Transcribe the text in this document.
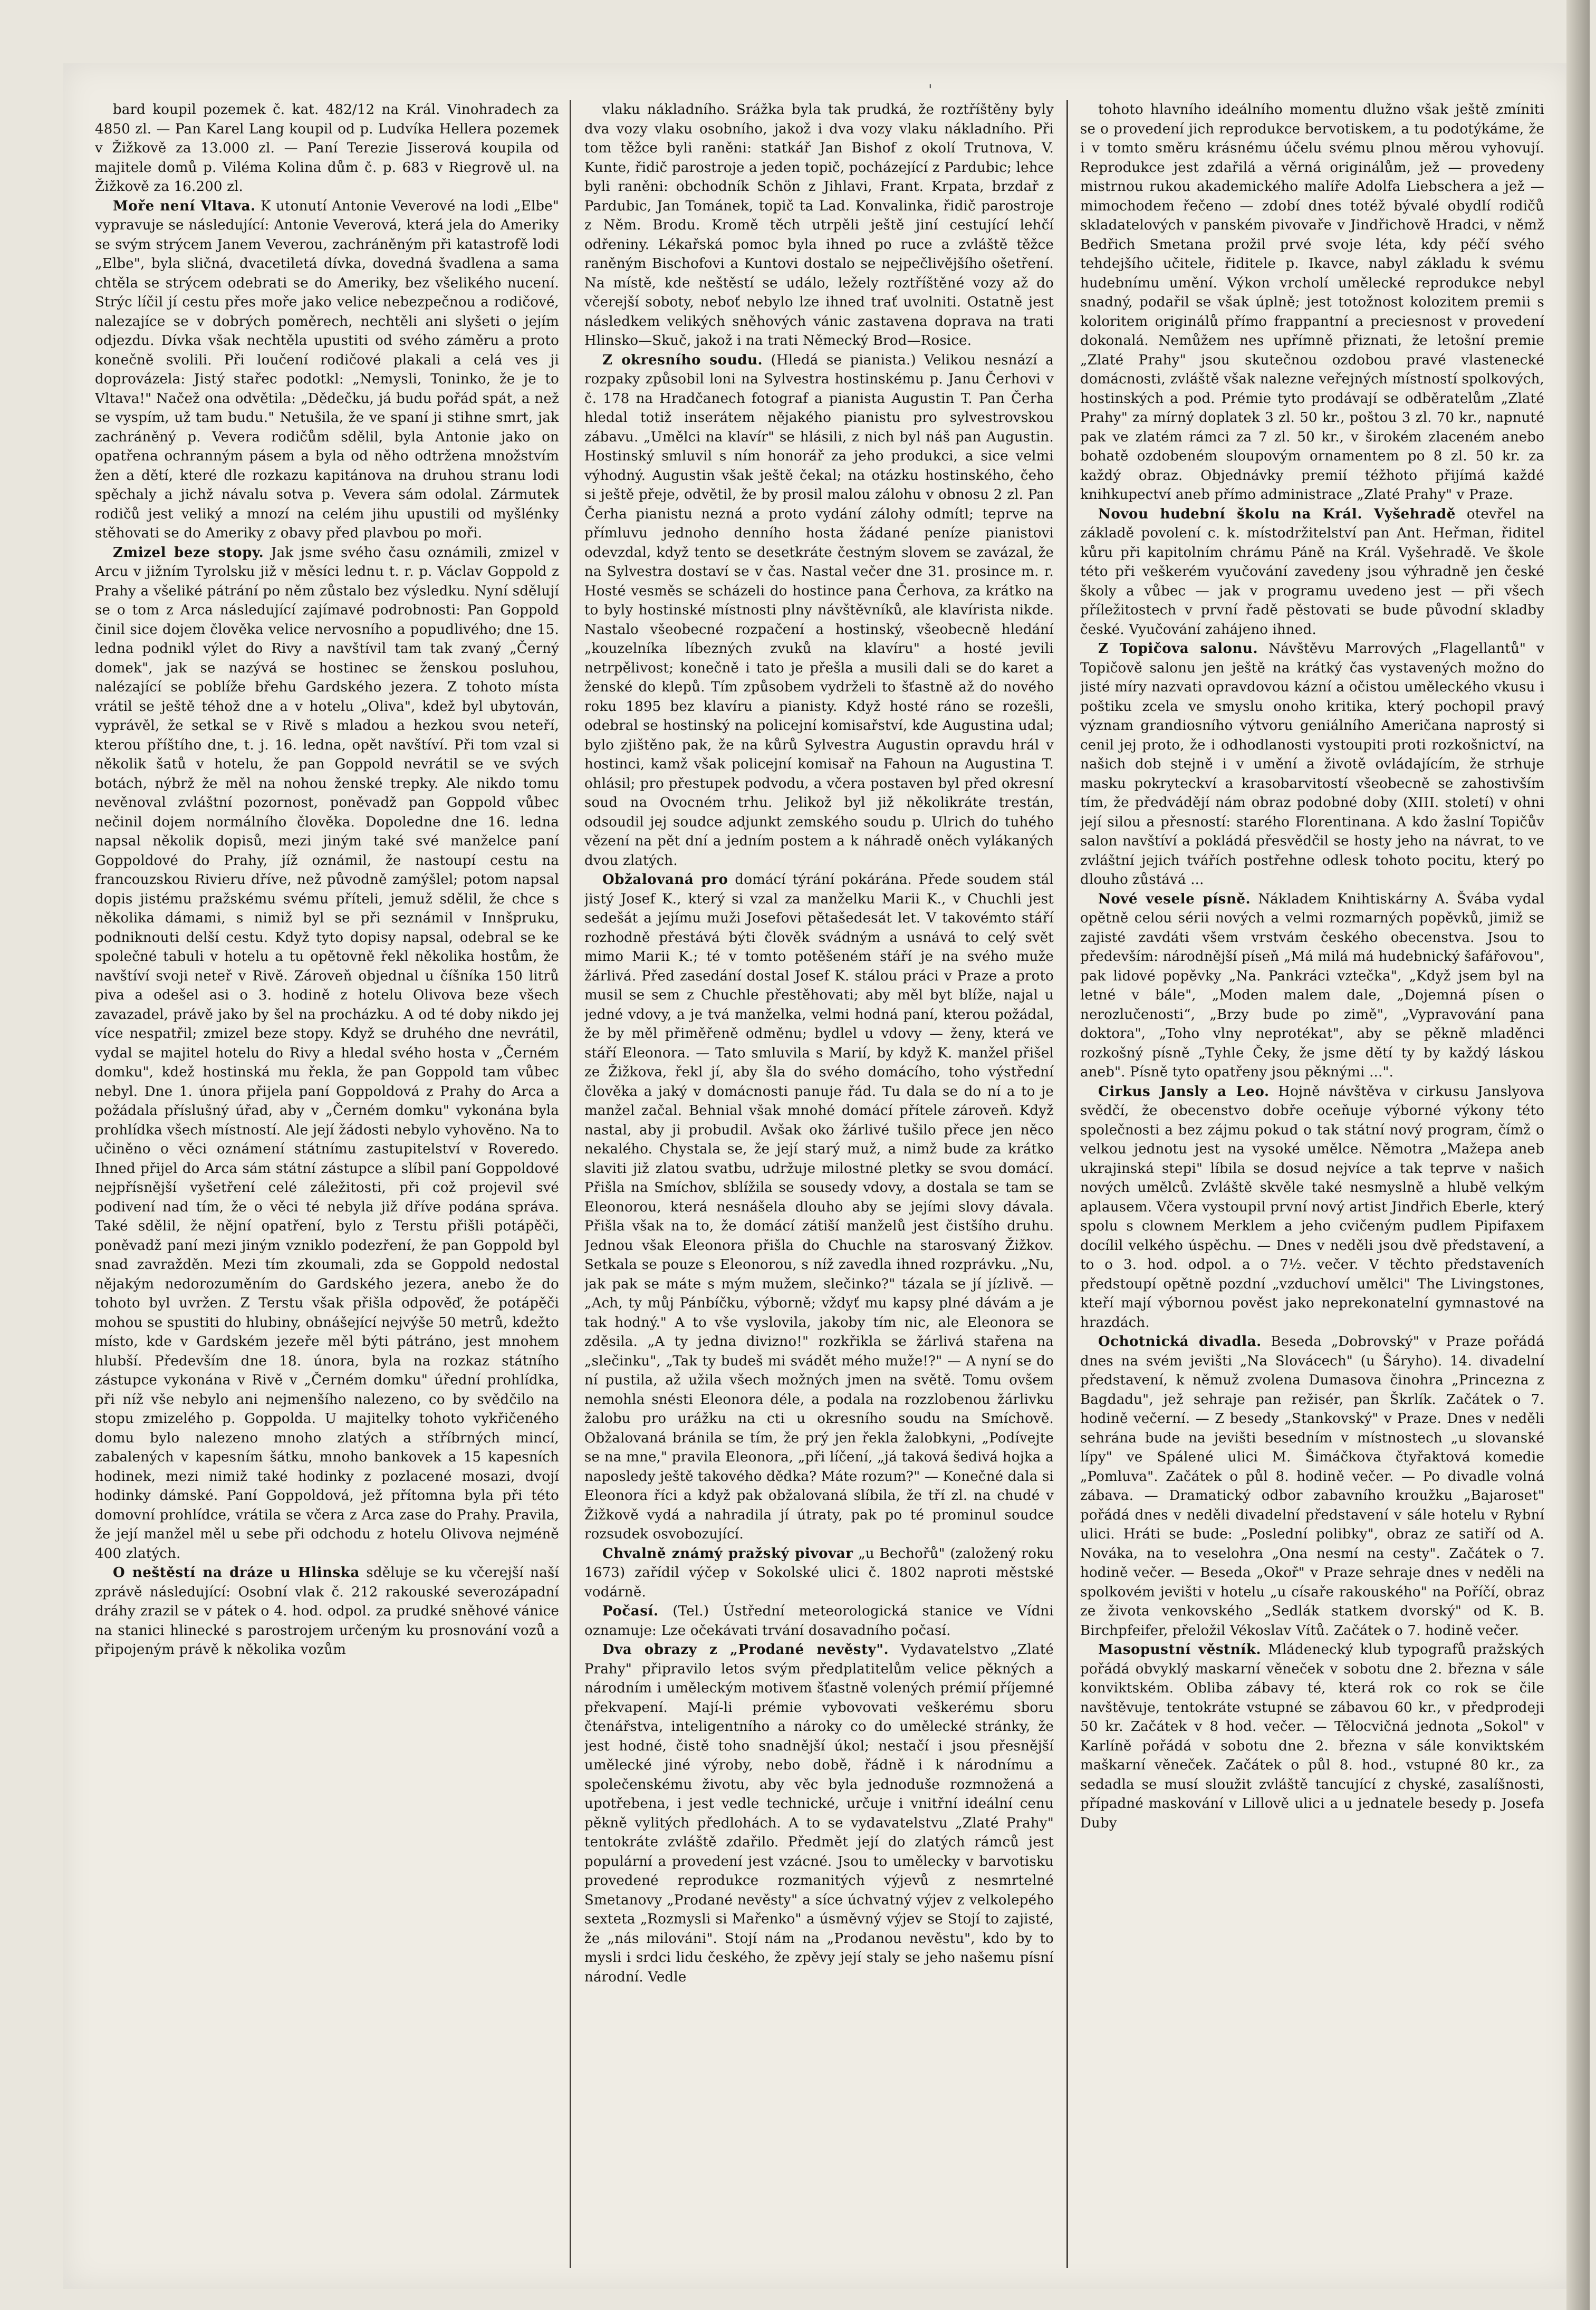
'

bard koupil pozemek č. kat. 482/12 na Král. Vinohradech za 4850 zl. — Pan Karel Lang koupil od p. Ludvíka Hellera pozemek v Žižkově za 13.000 zl. — Paní Terezie Jisserová koupila od majitele domů p. Viléma Kolina dům č. p. 683 v Riegrově ul. na Žižkově za 16.200 zl.

Moře není Vltava. K utonutí Antonie Veverové na lodi „Elbe" vypravuje se následující: Antonie Veverová, která jela do Ameriky se svým strýcem Janem Veverou, zachráněným při katastrofě lodi „Elbe", byla sličná, dvacetiletá dívka, dovedná švadlena a sama chtěla se strýcem odebrati se do Ameriky, bez všelikého nucení. Strýc líčil jí cestu přes moře jako velice nebezpečnou a rodičové, nalezajíce se v dobrých poměrech, nechtěli ani slyšeti o jejím odjezdu. Dívka však nechtěla upustiti od svého záměru a proto konečně svolili. Při loučení rodičové plakali a celá ves ji doprovázela: Jistý stařec podotkl: „Nemysli, Toninko, že je to Vltava!" Načež ona odvětila: „Dědečku, já budu pořád spát, a než se vyspím, už tam budu." Netušila, že ve spaní ji stihne smrt, jak zachráněný p. Vevera rodičům sdělil, byla Antonie jako on opatřena ochranným pásem a byla od něho odtržena množstvím žen a dětí, které dle rozkazu kapitánova na druhou stranu lodi spěchaly a jichž návalu sotva p. Vevera sám odolal. Zármutek rodičů jest veliký a mnozí na celém jihu upustili od myšlénky stěhovati se do Ameriky z obavy před plavbou po moři.

Zmizel beze stopy. Jak jsme svého času oznámili, zmizel v Arcu v jižním Tyrolsku již v měsíci lednu t. r. p. Václav Goppold z Prahy a všeliké pátrání po něm zůstalo bez výsledku. Nyní sdělují se o tom z Arca následující zajímavé podrobnosti: Pan Goppold činil sice dojem člověka velice nervosního a popudlivého; dne 15. ledna podnikl výlet do Rivy a navštívil tam tak zvaný „Černý domek", jak se nazývá se hostinec se ženskou posluhou, nalézající se poblíže břehu Gardského jezera. Z tohoto místa vrátil se ještě téhož dne a v hotelu „Oliva", kdež byl ubytován, vyprávěl, že setkal se v Rivě s mladou a hezkou svou neteří, kterou příštího dne, t. j. 16. ledna, opět navštíví. Při tom vzal si několik šatů v hotelu, že pan Goppold nevrátil se ve svých botách, nýbrž že měl na nohou ženské trepky. Ale nikdo tomu nevěnoval zvláštní pozornost, poněvadž pan Goppold vůbec nečinil dojem normálního člověka. Dopoledne dne 16. ledna napsal několik dopisů, mezi jiným také své manželce paní Goppoldové do Prahy, jíž oznámil, že nastoupí cestu na francouzskou Rivieru dříve, než původně zamýšlel; potom napsal dopis jistému pražskému svému příteli, jemuž sdělil, že chce s několika dámami, s nimiž byl se při seznámil v Innšpruku, podniknouti delší cestu. Když tyto dopisy napsal, odebral se ke společné tabuli v hotelu a tu opětovně řekl několika hostům, že navštíví svoji neteř v Rivě. Zároveň objednal u číšníka 150 litrů piva a odešel asi o 3. hodině z hotelu Olivova beze všech zavazadel, právě jako by šel na procházku. A od té doby nikdo jej více nespatřil; zmizel beze stopy. Když se druhého dne nevrátil, vydal se majitel hotelu do Rivy a hledal svého hosta v „Černém domku", kdež hostinská mu řekla, že pan Goppold tam vůbec nebyl. Dne 1. února přijela paní Goppoldová z Prahy do Arca a požádala příslušný úřad, aby v „Černém domku" vykonána byla prohlídka všech místností. Ale její žádosti nebylo vyhověno. Na to učiněno o věci oznámení státnímu zastupitelství v Roveredo. Ihned přijel do Arca sám státní zástupce a slíbil paní Goppoldové nejpřísnější vyšetření celé záležitosti, při což projevil své podivení nad tím, že o věci té nebyla již dříve podána správa. Také sdělil, že nějní opatření, bylo z Terstu přišli potápěči, poněvadž paní mezi jiným vzniklo podezření, že pan Goppold byl snad zavražděn. Mezi tím zkoumali, zda se Goppold nedostal nějakým nedorozuměním do Gardského jezera, anebo že do tohoto byl uvržen. Z Terstu však přišla odpověď, že potápěči mohou se spustiti do hlubiny, obnášející nejvýše 50 metrů, kdežto místo, kde v Gardském jezeře měl býti pátráno, jest mnohem hlubší. Především dne 18. února, byla na rozkaz státního zástupce vykonána v Rivě v „Černém domku" úřední prohlídka, při níž vše nebylo ani nejmenšího nalezeno, co by svědčilo na stopu zmizelého p. Goppolda. U majitelky tohoto vykřičeného domu bylo nalezeno mnoho zlatých a stříbrných mincí, zabalených v kapesním šátku, mnoho bankovek a 15 kapesních hodinek, mezi nimiž také hodinky z pozlacené mosazi, dvojí hodinky dámské. Paní Goppoldová, jež přítomna byla při této domovní prohlídce, vrátila se včera z Arca zase do Prahy. Pravila, že její manžel měl u sebe při odchodu z hotelu Olivova nejméně 400 zlatých.

O neštěstí na dráze u Hlinska sděluje se ku včerejší naší zprávě následující: Osobní vlak č. 212 rakouské severozápadní dráhy zrazil se v pátek o 4. hod. odpol. za prudké sněhové vánice na stanici hlinecké s parostrojem určeným ku prosnování vozů a připojeným právě k několika vozům

vlaku nákladního. Srážka byla tak prudká, že roztříštěny byly dva vozy vlaku osobního, jakož i dva vozy vlaku nákladního. Při tom těžce byli raněni: statkář Jan Bishof z okolí Trutnova, V. Kunte, řidič parostroje a jeden topič, pocházející z Pardubic; lehce byli raněni: obchodník Schön z Jihlavi, Frant. Krpata, brzdař z Pardubic, Jan Tománek, topič ta Lad. Konvalinka, řidič parostroje z Něm. Brodu. Kromě těch utrpěli ještě jiní cestující lehčí odřeniny. Lékařská pomoc byla ihned po ruce a zvláště těžce raněným Bischofovi a Kuntovi dostalo se nejpečlivějšího ošetření. Na místě, kde neštěstí se událo, ležely roztříštěné vozy až do včerejší soboty, neboť nebylo lze ihned trať uvolniti. Ostatně jest následkem velikých sněhových vánic zastavena doprava na trati Hlinsko—Skuč, jakož i na trati Německý Brod—Rosice.

Z okresního soudu. (Hledá se pianista.) Velikou nesnází a rozpaky způsobil loni na Sylvestra hostinskému p. Janu Čerhovi v č. 178 na Hradčanech fotograf a pianista Augustin T. Pan Čerha hledal totiž inserátem nějakého pianistu pro sylvestrovskou zábavu. „Umělci na klavír" se hlásili, z nich byl náš pan Augustin. Hostinský smluvil s ním honorář za jeho produkci, a sice velmi výhodný. Augustin však ještě čekal; na otázku hostinského, čeho si ještě přeje, odvětil, že by prosil malou zálohu v obnosu 2 zl. Pan Čerha pianistu nezná a proto vydání zálohy odmítl; teprve na přímluvu jednoho denního hosta žádané peníze pianistovi odevzdal, když tento se desetkráte čestným slovem se zavázal, že na Sylvestra dostaví se v čas. Nastal večer dne 31. prosince m. r. Hosté vesměs se scházeli do hostince pana Čerhova, za krátko na to byly hostinské místnosti plny návštěvníků, ale klavírista nikde. Nastalo všeobecné rozpačení a hostinský, všeobecně hledání „kouzelníka líbezných zvuků na klavíru" a hosté jevili netrpělivost; konečně i tato je přešla a musili dali se do karet a ženské do klepů. Tím způsobem vydrželi to šťastně až do nového roku 1895 bez klavíru a pianisty. Když hosté ráno se rozešli, odebral se hostinský na policejní komisařství, kde Augustina udal; bylo zjištěno pak, že na kůrů Sylvestra Augustin opravdu hrál v hostinci, kamž však policejní komisař na Fahoun na Augustina T. ohlásil; pro přestupek podvodu, a včera postaven byl před okresní soud na Ovocném trhu. Jelikož byl již několikráte trestán, odsoudil jej soudce adjunkt zemského soudu p. Ulrich do tuhého vězení na pět dní a jedním postem a k náhradě oněch vylákaných dvou zlatých.

Obžalovaná pro domácí týrání pokárána. Přede soudem stál jistý Josef K., který si vzal za manželku Marii K., v Chuchli jest sedešát a jejímu muži Josefovi pětašedesát let. V takovémto stáří rozhodně přestává býti člověk svádným a usnává to celý svět mimo Marii K.; té v tomto potěšeném stáří je na svého muže žárlivá. Před zasedání dostal Josef K. stálou práci v Praze a proto musil se sem z Chuchle přestěhovati; aby měl byt blíže, najal u jedné vdovy, a je tvá manželka, velmi hodná paní, kterou požádal, že by měl přiměřeně odměnu; bydlel u vdovy — ženy, která ve stáří Eleonora. — Tato smluvila s Marií, by když K. manžel přišel ze Žižkova, řekl jí, aby šla do svého domácího, toho výstřední člověka a jaký v domácnosti panuje řád. Tu dala se do ní a to je manžel začal. Behnial však mnohé domácí přítele zároveň. Když nastal, aby ji probudil. Avšak oko žárlivé tušilo přece jen něco nekalého. Chystala se, že její starý muž, a nimž bude za krátko slaviti již zlatou svatbu, udržuje milostné pletky se svou domácí. Přišla na Smíchov, sblížila se sousedy vdovy, a dostala se tam se Eleonorou, která nesnášela dlouho aby se jejími slovy dávala. Přišla však na to, že domácí zátiší manželů jest čistšího druhu. Jednou však Eleonora přišla do Chuchle na starosvaný Žižkov. Setkala se pouze s Eleonorou, s níž zavedla ihned rozprávku. „Nu, jak pak se máte s mým mužem, slečinko?" tázala se jí jízlivě. — „Ach, ty můj Pánbíčku, výborně; vždyť mu kapsy plné dávám a je tak hodný." A to vše vyslovila, jakoby tím nic, ale Eleonora se zděsila. „A ty jedna divizno!" rozkřikla se žárlivá stařena na „slečinku", „Tak ty budeš mi svádět mého muže!?" — A nyní se do ní pustila, až užila všech možných jmen na světě. Tomu ovšem nemohla snésti Eleonora déle, a podala na rozzlobenou žárlivku žalobu pro urážku na cti u okresního soudu na Smíchově. Obžalovaná bránila se tím, že prý jen řekla žalobkyni, „Podívejte se na mne," pravila Eleonora, „při líčení, „já taková šedivá hojka a naposledy ještě takového dědka? Máte rozum?" — Konečné dala si Eleonora říci a když pak obžalovaná slíbila, že tří zl. na chudé v Žižkově vydá a nahradila jí útraty, pak po té prominul soudce rozsudek osvobozující.

Chvalně známý pražský pivovar „u Bechořů" (založený roku 1673) zařídil výčep v Sokolské ulici č. 1802 naproti městské vodárně.

Počasí. (Tel.) Ústřední meteorologická stanice ve Vídni oznamuje: Lze očekávati trvání dosavadního počasí.

Dva obrazy z „Prodané nevěsty". Vydavatelstvo „Zlaté Prahy" připravilo letos svým předplatitelům velice pěkných a národním i uměleckým motivem šťastně volených prémií příjemné překvapení. Mají-li prémie vybovovati veškerému sboru čtenářstva, inteligentního a nároky co do umělecké stránky, že jest hodné, čistě toho snadnější úkol; nestačí i jsou přesnější umělecké jiné výroby, nebo době, řádně i k národnímu a společenskému životu, aby věc byla jednoduše rozmnožená a upotřebena, i jest vedle technické, určuje i vnitřní ideální cenu pěkně vylitých předlohách. A to se vydavatelstvu „Zlaté Prahy" tentokráte zvláště zdařilo. Předmět její do zlatých rámců jest populární a provedení jest vzácné. Jsou to umělecky v barvotisku provedené reprodukce rozmanitých výjevů z nesmrtelné Smetanovy „Prodané nevěsty" a síce úchvatný výjev z velkolepého sexteta „Rozmysli si Mařenko" a úsměvný výjev se Stojí to zajisté, že „nás milováni". Stojí nám na „Prodanou nevěstu", kdo by to mysli i srdci lidu českého, že zpěvy její staly se jeho našemu písní národní. Vedle

tohoto hlavního ideálního momentu dlužno však ještě zmíniti se o provedení jich reprodukce bervotiskem, a tu podotýkáme, že i v tomto směru krásnému účelu svému plnou měrou vyhovují. Reprodukce jest zdařilá a věrná originálům, jež — provedeny mistrnou rukou akademického malíře Adolfa Liebschera a jež — mimochodem řečeno — zdobí dnes totéž bývalé obydlí rodičů skladatelových v panském pivovaře v Jindřichově Hradci, v němž Bedřich Smetana prožil prvé svoje léta, kdy péčí svého tehdejšího učitele, řiditele p. Ikavce, nabyl základu k svému hudebnímu umění. Výkon vrcholí umělecké reprodukce nebyl snadný, podařil se však úplně; jest totožnost kolozitem premii s koloritem originálů přímo frappantní a preciesnost v provedení dokonalá. Nemůžem nes upřímně přiznati, že letošní premie „Zlaté Prahy" jsou skutečnou ozdobou pravé vlastenecké domácnosti, zvláště však nalezne veřejných místností spolkových, hostinských a pod. Prémie tyto prodávají se odběratelům „Zlaté Prahy" za mírný doplatek 3 zl. 50 kr., poštou 3 zl. 70 kr., napnuté pak ve zlatém rámci za 7 zl. 50 kr., v širokém zlaceném anebo bohatě ozdobeném sloupovým ornamentem po 8 zl. 50 kr. za každý obraz. Objednávky premií téžhoto přijímá každé knihkupectví aneb přímo administrace „Zlaté Prahy" v Praze.

Novou hudební školu na Král. Vyšehradě otevřel na základě povolení c. k. místodržitelství pan Ant. Heřman, řiditel kůru při kapitolním chrámu Páně na Král. Vyšehradě. Ve škole této při veškerém vyučování zavedeny jsou výhradně jen české školy a vůbec — jak v programu uvedeno jest — při všech příležitostech v první řadě pěstovati se bude původní skladby české. Vyučování zahájeno ihned.

Z Topičova salonu. Návštěvu Marrových „Flagellantů" v Topičově salonu jen ještě na krátký čas vystavených možno do jisté míry nazvati opravdovou kázní a očistou uměleckého vkusu i poštiku zcela ve smyslu onoho kritika, který pochopil pravý význam grandiosního výtvoru geniálního Američana naprostý si cenil jej proto, že i odhodlanosti vystoupiti proti rozkošnictví, na našich dob stejně i v umění a životě ovládajícím, že strhuje masku pokryteckví a krasobarvitostí všeobecně se zahostivším tím, že předvádějí nám obraz podobné doby (XIII. století) v ohni její silou a přesností: starého Florentinana. A kdo žaslní Topičův salon navštíví a pokládá přesvědčil se hosty jeho na návrat, to ve zvláštní jejich tvářích postřehne odlesk tohoto pocitu, který po dlouho zůstává ...

Nové vesele písně. Nákladem Knihtiskárny A. Švába vydal opětně celou sérii nových a velmi rozmarných popěvků, jimiž se zajisté zavdáti všem vrstvám českého obecenstva. Jsou to především: národnější píseň „Má milá má hudebnický šafářovou", pak lidové popěvky „Na. Pankráci vztečka", „Když jsem byl na letné v bále", „Moden malem dale, „Dojemná písen o nerozlučenosti“, „Brzy bude po zimě", „Vypravování pana doktora", „Toho vlny neprotékat", aby se pěkně mladěnci rozkošný písně „Tyhle Čeky, že jsme dětí ty by každý láskou aneb". Písně tyto opatřeny jsou pěknými ...".

Cirkus Jansly a Leo. Hojně návštěva v cirkusu Janslyova svědčí, že obecenstvo dobře oceňuje výborné výkony této společnosti a bez zájmu pokud o tak státní nový program, čímž o velkou jednotu jest na vysoké umělce. Němotra „Mažepa aneb ukrajinská stepi" líbila se dosud nejvíce a tak teprve v našich nových umělců. Zvláště skvěle také nesmyslně a hlubě velkým aplausem. Včera vystoupil první nový artist Jindřich Eberle, který spolu s clownem Merklem a jeho cvičeným pudlem Pipifaxem docílil velkého úspěchu. — Dnes v neděli jsou dvě představení, a to o 3. hod. odpol. a o 7½. večer. V těchto představeních předstoupí opětně pozdní „vzduchoví umělci" The Livingstones, kteří mají výbornou pověst jako neprekonatelní gymnastové na hrazdách.

Ochotnická divadla. Beseda „Dobrovský" v Praze pořádá dnes na svém jevišti „Na Slovácech" (u Šáryho). 14. divadelní představení, k němuž zvolena Dumasova činohra „Princezna z Bagdadu", jež sehraje pan režisér, pan Škrlík. Začátek o 7. hodině večerní. — Z besedy „Stankovský" v Praze. Dnes v neděli sehrána bude na jevišti besedním v místnostech „u slovanské lípy" ve Spálené ulici M. Šimáčkova čtyřaktová komedie „Pomluva". Začátek o půl 8. hodině večer. — Po divadle volná zábava. — Dramatický odbor zabavního kroužku „Bajaroset" pořádá dnes v neděli divadelní představení v sále hotelu v Rybní ulici. Hráti se bude: „Poslední polibky", obraz ze satiří od A. Nováka, na to veselohra „Ona nesmí na cesty". Začátek o 7. hodině večer. — Beseda „Okoř" v Praze sehraje dnes v neděli na spolkovém jevišti v hotelu „u císaře rakouského" na Poříčí, obraz ze života venkovského „Sedlák statkem dvorský" od K. B. Birchpfeifer, přeložil Vékoslav Vítů. Začátek o 7. hodině večer.

Masopustní věstník. Mládenecký klub typografů pražských pořádá obvyklý maskarní věneček v sobotu dne 2. března v sále konviktském. Obliba zábavy té, která rok co rok se čile navštěvuje, tentokráte vstupné se zábavou 60 kr., v předprodeji 50 kr. Začátek v 8 hod. večer. — Tělocvičná jednota „Sokol" v Karlíně pořádá v sobotu dne 2. března v sále konviktském maškarní věneček. Začátek o půl 8. hod., vstupné 80 kr., za sedadla se musí sloužit zvláště tancující z chyské, zasalíšnosti, případné maskování v Lillově ulici a u jednatele besedy p. Josefa Duby
